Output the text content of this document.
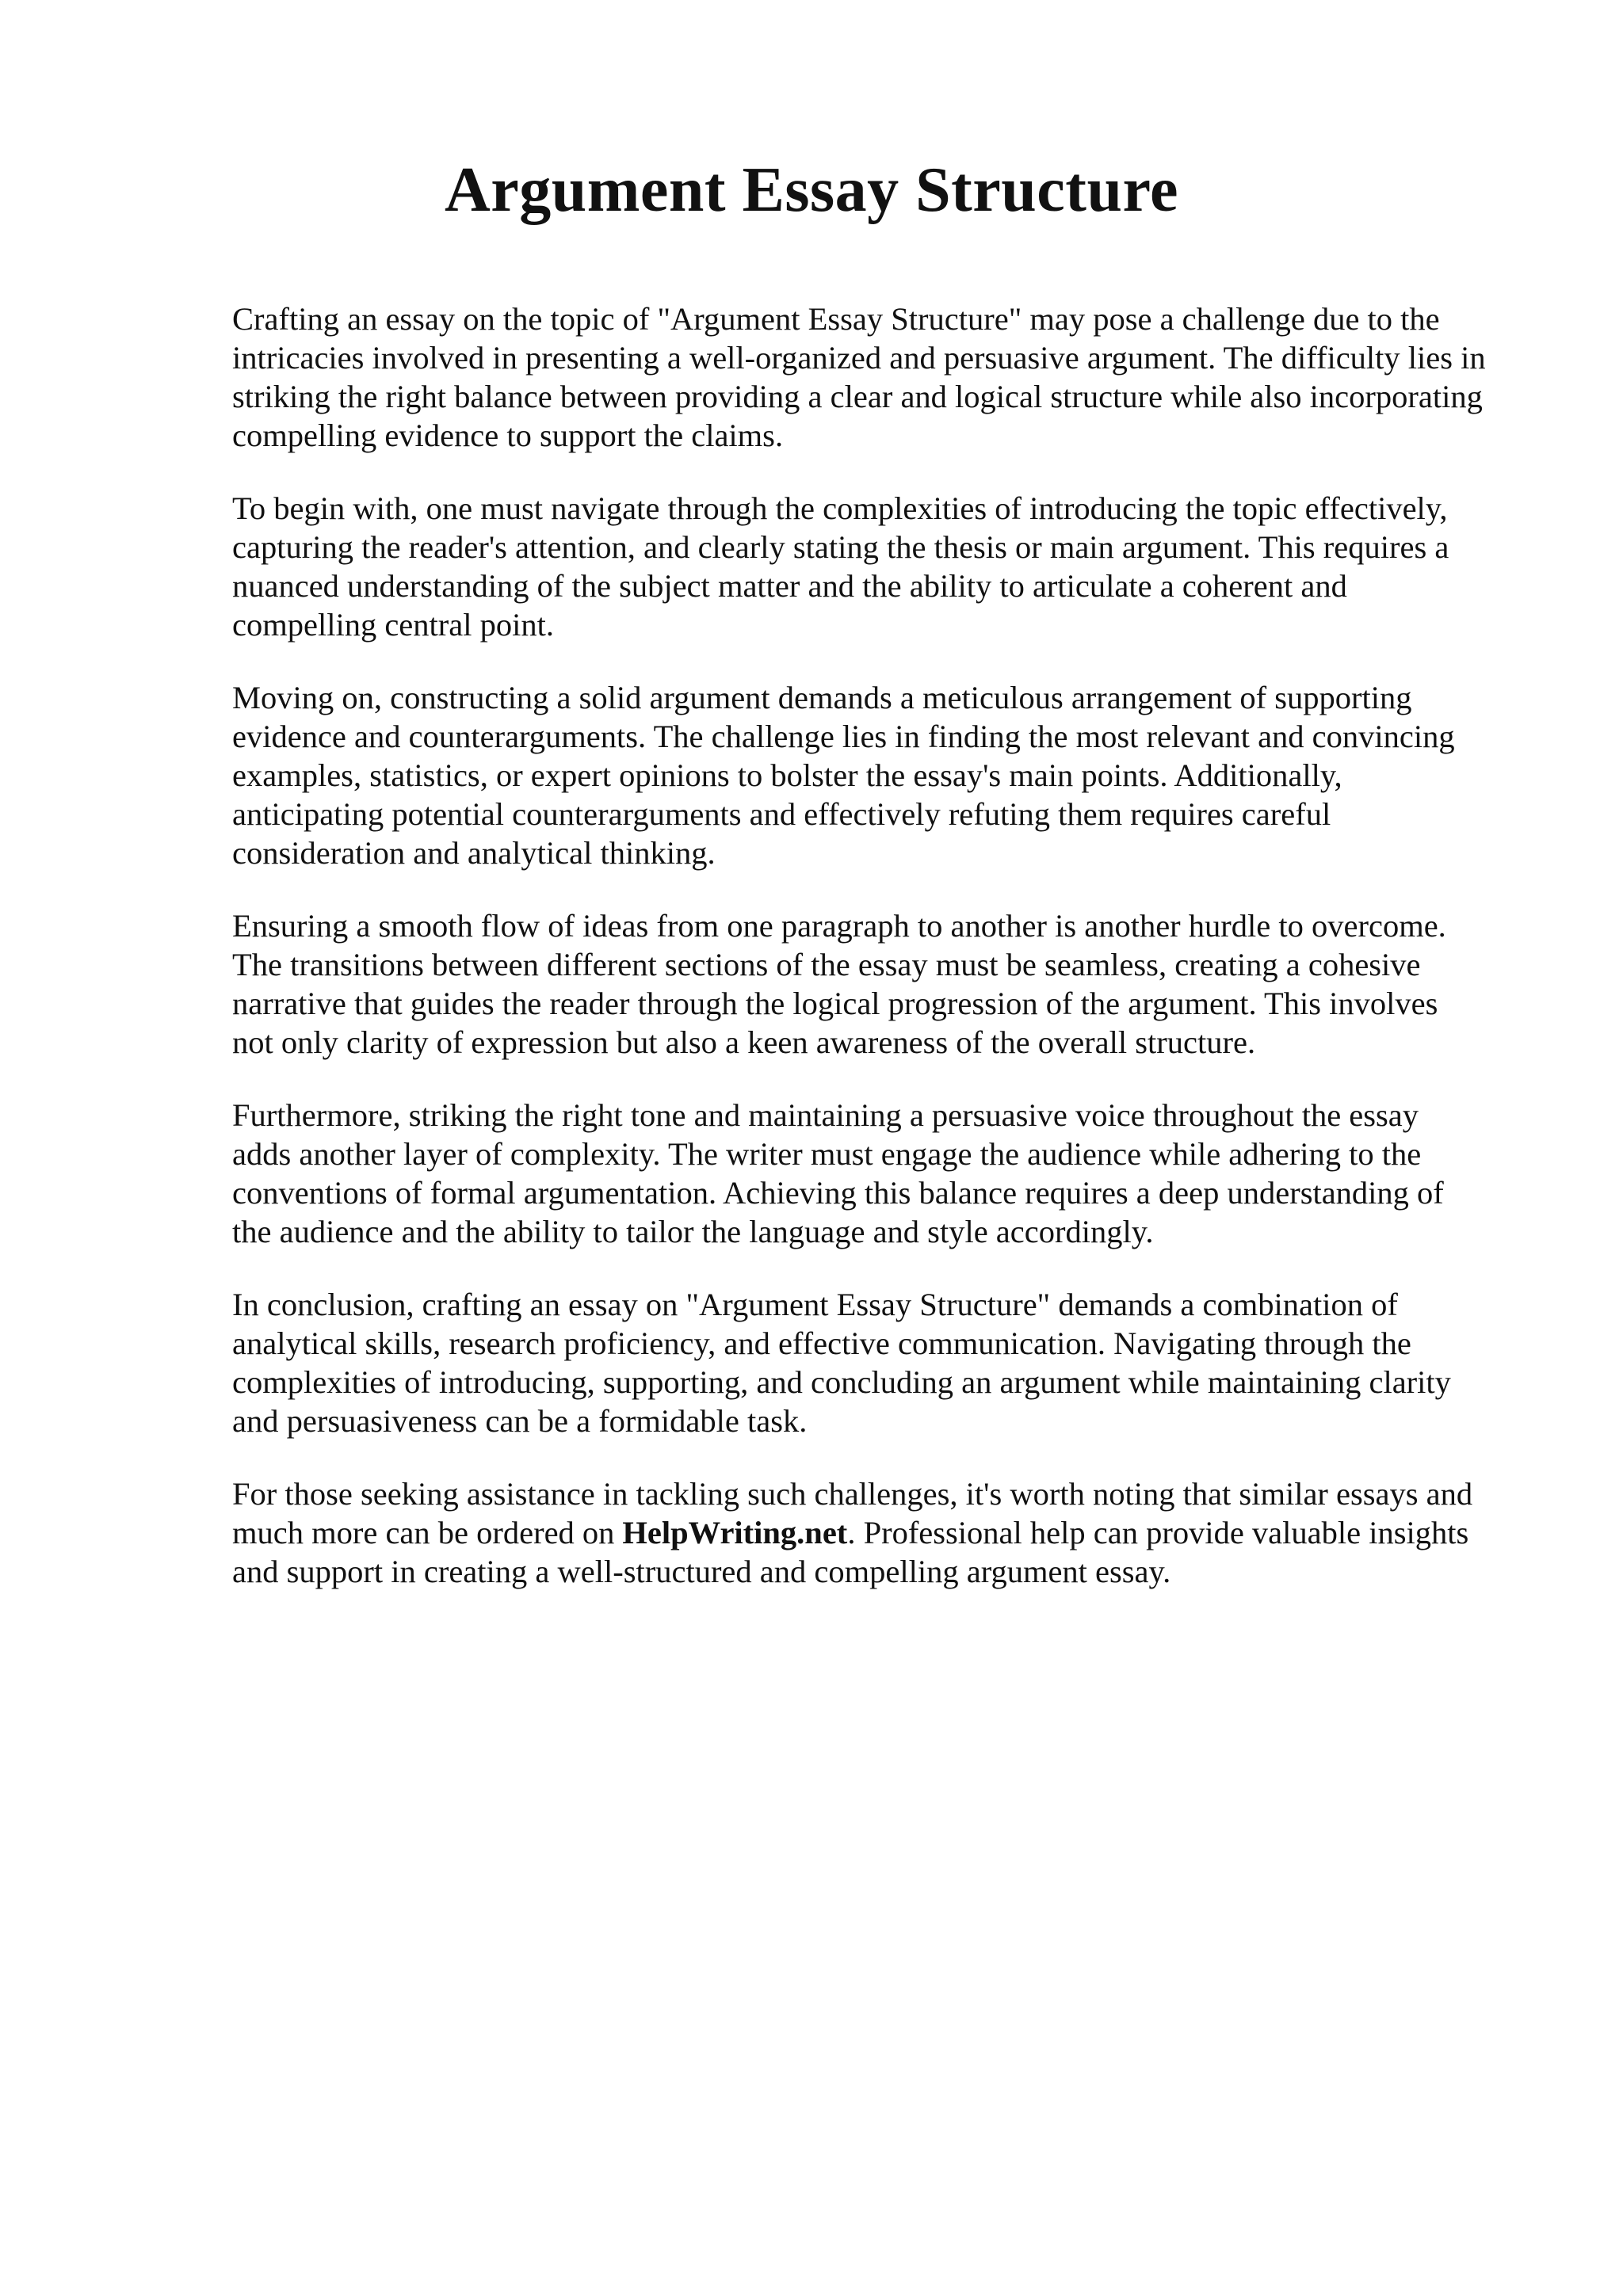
Argument Essay Structure

Crafting an essay on the topic of "Argument Essay Structure" may pose a challenge due to the
intricacies involved in presenting a well-organized and persuasive argument. The difficulty lies in
striking the right balance between providing a clear and logical structure while also incorporating
compelling evidence to support the claims.

To begin with, one must navigate through the complexities of introducing the topic effectively,
capturing the reader's attention, and clearly stating the thesis or main argument. This requires a
nuanced understanding of the subject matter and the ability to articulate a coherent and
compelling central point.

Moving on, constructing a solid argument demands a meticulous arrangement of supporting
evidence and counterarguments. The challenge lies in finding the most relevant and convincing
examples, statistics, or expert opinions to bolster the essay's main points. Additionally,
anticipating potential counterarguments and effectively refuting them requires careful
consideration and analytical thinking.

Ensuring a smooth flow of ideas from one paragraph to another is another hurdle to overcome.
The transitions between different sections of the essay must be seamless, creating a cohesive
narrative that guides the reader through the logical progression of the argument. This involves
not only clarity of expression but also a keen awareness of the overall structure.

Furthermore, striking the right tone and maintaining a persuasive voice throughout the essay
adds another layer of complexity. The writer must engage the audience while adhering to the
conventions of formal argumentation. Achieving this balance requires a deep understanding of
the audience and the ability to tailor the language and style accordingly.

In conclusion, crafting an essay on "Argument Essay Structure" demands a combination of
analytical skills, research proficiency, and effective communication. Navigating through the
complexities of introducing, supporting, and concluding an argument while maintaining clarity
and persuasiveness can be a formidable task.

For those seeking assistance in tackling such challenges, it's worth noting that similar essays and
much more can be ordered on HelpWriting.net. Professional help can provide valuable insights
and support in creating a well-structured and compelling argument essay.
